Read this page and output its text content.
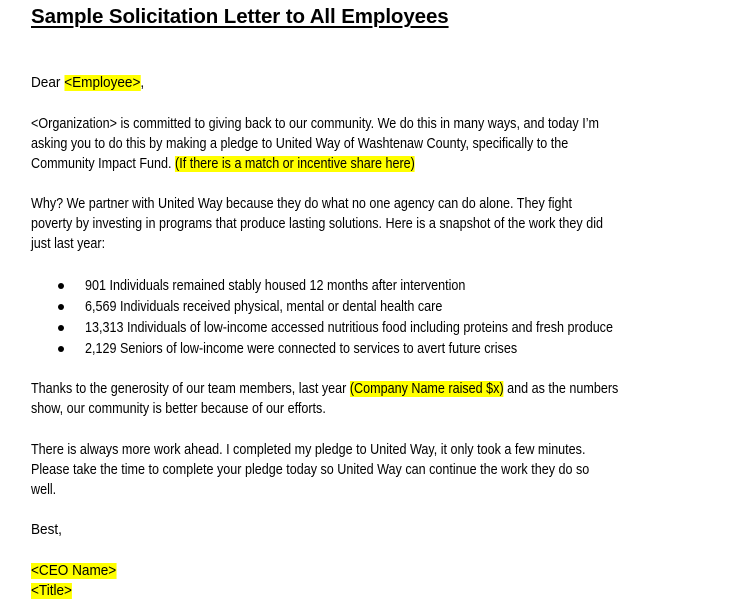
Sample Solicitation Letter to All Employees
Dear <Employee>,
<Organization> is committed to giving back to our community. We do this in many ways, and today I’m
asking you to do this by making a pledge to United Way of Washtenaw County, specifically to the
Community Impact Fund. (If there is a match or incentive share here)
Why? We partner with United Way because they do what no one agency can do alone. They fight
poverty by investing in programs that produce lasting solutions. Here is a snapshot of the work they did
just last year:
901 Individuals remained stably housed 12 months after intervention
6,569 Individuals received physical, mental or dental health care
13,313 Individuals of low-income accessed nutritious food including proteins and fresh produce
2,129 Seniors of low-income were connected to services to avert future crises
Thanks to the generosity of our team members, last year (Company Name raised $x) and as the numbers
show, our community is better because of our efforts.
There is always more work ahead. I completed my pledge to United Way, it only took a few minutes.
Please take the time to complete your pledge today so United Way can continue the work they do so
well.
Best,
<CEO Name>
<Title>
